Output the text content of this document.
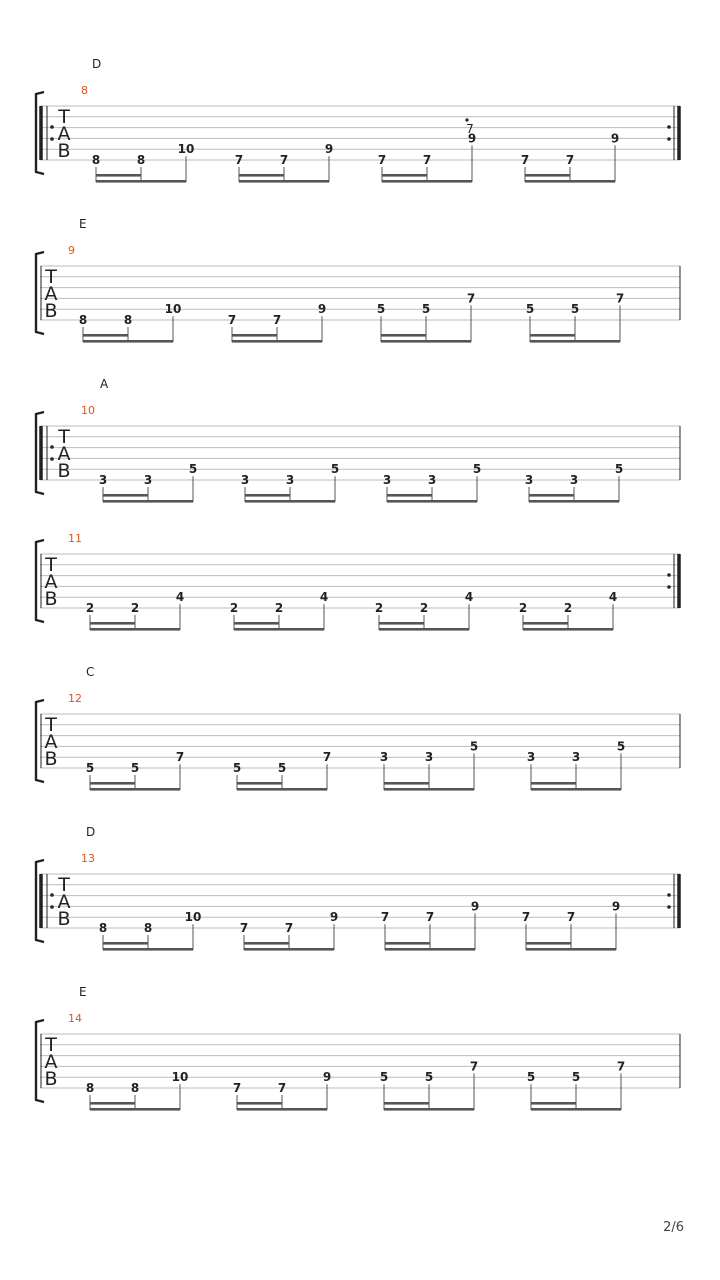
T
A
B
D
8
8	8
10
7	7
9
7	7
9
7
7	7
9
T
A
B
E
9
8	8
10
7	7
9	5	5
7
5	5
7
T
A
B
A
10
3	3
5
3	3
5
3	3
5
3	3
5
T
A
B
11
2	2
4
2	2
4
2	2
4
2	2
4
T
A
B
C
12
5	5
7
5	5
7	3	3
5
3	3
5
T
A
B
D
13
8	8
10
7	7
9	7	7
9
7	7
9
T
A
B
E
14
8	8
10
7	7
9	5	5
7
5	5
7
2/6
